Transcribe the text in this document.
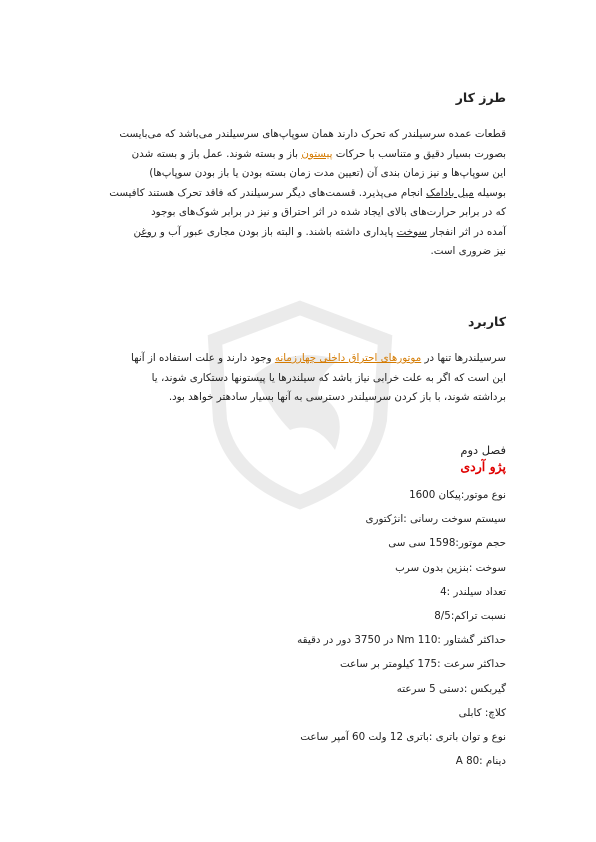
طرز کار

قطعات عمده سرسیلندر که تحرک دارند همان سوپاپ‌های سرسیلندر می‌باشد که می‌بایست
بصورت بسیار دقیق و متناسب با حرکات پیستون باز و بسته شوند. عمل باز و بسته شدن
این سوپاپ‌ها و نیز زمان بندی آن (تعیین مدت زمان بسته بودن یا باز بودن سوپاپ‌ها)
بوسیله میل بادامک انجام می‌پذیرد. قسمت‌های دیگر سرسیلندر که فاقد تحرک هستند کافیست
که در برابر حرارت‌های بالای ایجاد شده در اثر احتراق و نیز در برابر شوک‌های بوجود
آمده در اثر انفجار سوخت پایداری داشته باشند. و البته باز بودن مجاری عبور آب و روغن
نیز ضروری است.

کاربرد

سرسیلندرها تنها در موتورهای احتراق داخلی چهارزمانه وجود دارند و علت استفاده از آنها
این است که اگر به علت خرابی نیاز باشد که سیلندرها یا پیستونها دستکاری شوند، یا
برداشته شوند، با باز کردن سرسیلندر دسترسی به آنها بسیار سادهتر خواهد بود.

فصل دوم
پژو آردی
نوع موتور:پیکان 1600
سیستم سوخت رسانی :انژکتوری
حجم موتور:1598 سی سی
سوخت :بنزین بدون سرب
تعداد سیلندر :4
نسبت تراکم:8/5
حداکثر گشتاور :110 Nm در 3750 دور در دقیقه
حداکثر سرعت :175 کیلومتر بر ساعت
گیربکس :دستی 5 سرعته
کلاچ: کابلی
نوع و توان باتری :باتری 12 ولت 60 آمپر ساعت
دینام :80 A
